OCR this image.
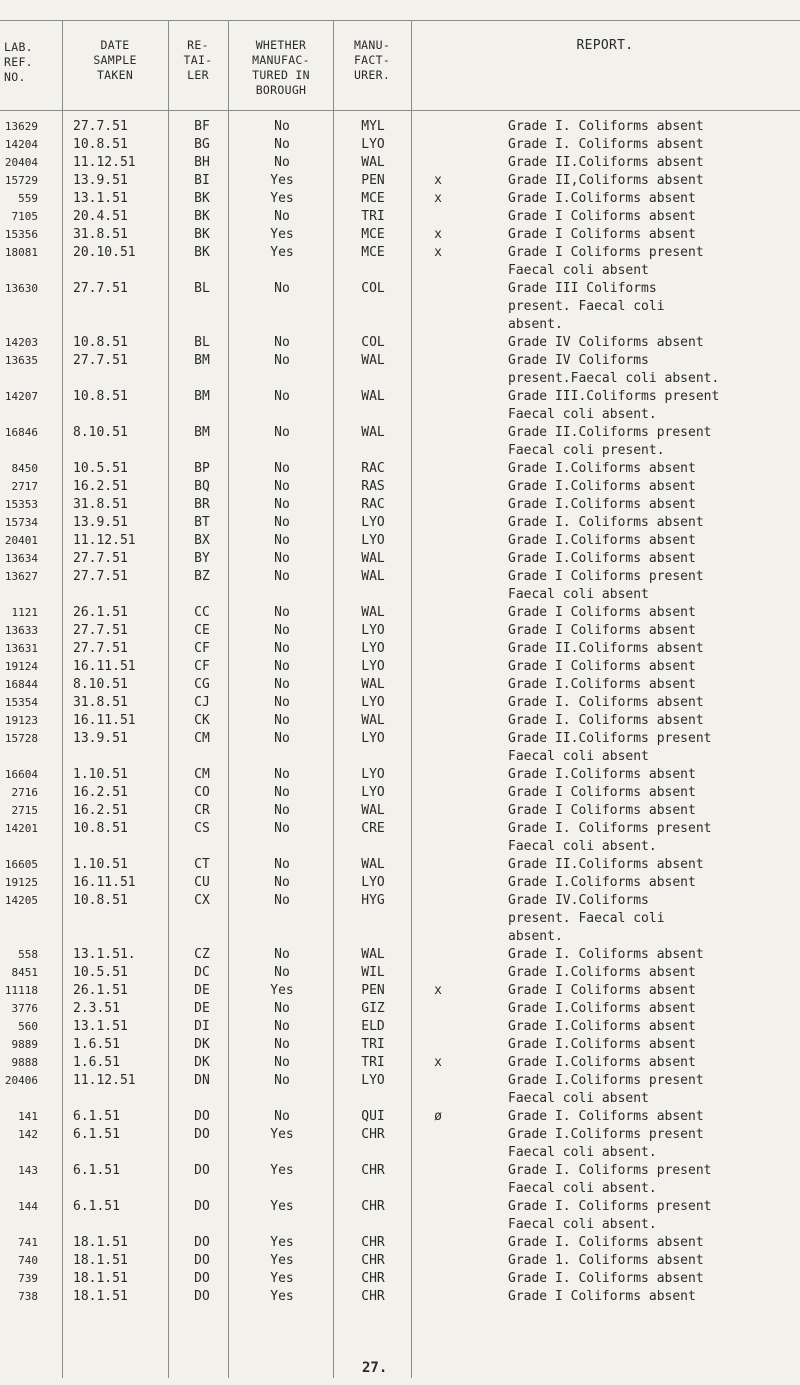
LAB.
REF.
NO.
DATE
SAMPLE
TAKEN
RE-
TAI-
LER
WHETHER
MANUFAC-
TURED IN
BOROUGH
MANU-
FACT-
URER.
REPORT.
13629	27.7.51	BF	No	MYL	Grade I. Coliforms absent
14204	10.8.51	BG	No	LYO	Grade I. Coliforms absent
20404	11.12.51	BH	No	WAL	Grade II.Coliforms absent
15729	13.9.51	BI	Yes	PEN	x	Grade II,Coliforms absent
559	13.1.51	BK	Yes	MCE	x	Grade I.Coliforms absent
7105	20.4.51	BK	No	TRI	Grade I Coliforms absent
15356	31.8.51	BK	Yes	MCE	x	Grade I Coliforms absent
18081	20.10.51	BK	Yes	MCE	x	Grade I Coliforms present
Faecal coli absent
13630	27.7.51	BL	No	COL	Grade III Coliforms
present. Faecal coli
absent.
14203	10.8.51	BL	No	COL	Grade IV Coliforms absent
13635	27.7.51	BM	No	WAL	Grade IV Coliforms
present.Faecal coli absent.
14207	10.8.51	BM	No	WAL	Grade III.Coliforms present
Faecal coli absent.
16846	8.10.51	BM	No	WAL	Grade II.Coliforms present
Faecal coli present.
8450	10.5.51	BP	No	RAC	Grade I.Coliforms absent
2717	16.2.51	BQ	No	RAS	Grade I.Coliforms absent
15353	31.8.51	BR	No	RAC	Grade I.Coliforms absent
15734	13.9.51	BT	No	LYO	Grade I. Coliforms absent
20401	11.12.51	BX	No	LYO	Grade I.Coliforms absent
13634	27.7.51	BY	No	WAL	Grade I.Coliforms absent
13627	27.7.51	BZ	No	WAL	Grade I Coliforms present
Faecal coli absent
1121	26.1.51	CC	No	WAL	Grade I Coliforms absent
13633	27.7.51	CE	No	LYO	Grade I Coliforms absent
13631	27.7.51	CF	No	LYO	Grade II.Coliforms absent
19124	16.11.51	CF	No	LYO	Grade I Coliforms absent
16844	8.10.51	CG	No	WAL	Grade I.Coliforms absent
15354	31.8.51	CJ	No	LYO	Grade I. Coliforms absent
19123	16.11.51	CK	No	WAL	Grade I. Coliforms absent
15728	13.9.51	CM	No	LYO	Grade II.Coliforms present
Faecal coli absent
16604	1.10.51	CM	No	LYO	Grade I.Coliforms absent
2716	16.2.51	CO	No	LYO	Grade I Coliforms absent
2715	16.2.51	CR	No	WAL	Grade I Coliforms absent
14201	10.8.51	CS	No	CRE	Grade I. Coliforms present
Faecal coli absent.
16605	1.10.51	CT	No	WAL	Grade II.Coliforms absent
19125	16.11.51	CU	No	LYO	Grade I.Coliforms absent
14205	10.8.51	CX	No	HYG	Grade IV.Coliforms
present. Faecal coli
absent.
558	13.1.51.	CZ	No	WAL	Grade I. Coliforms absent
8451	10.5.51	DC	No	WIL	Grade I.Coliforms absent
11118	26.1.51	DE	Yes	PEN	x	Grade I Coliforms absent
3776	2.3.51	DE	No	GIZ	Grade I.Coliforms absent
560	13.1.51	DI	No	ELD	Grade I.Coliforms absent
9889	1.6.51	DK	No	TRI	Grade I.Coliforms absent
9888	1.6.51	DK	No	TRI	x	Grade I.Coliforms absent
20406	11.12.51	DN	No	LYO	Grade I.Coliforms present
Faecal coli absent
141	6.1.51	DO	No	QUI	ø	Grade I. Coliforms absent
142	6.1.51	DO	Yes	CHR	Grade I.Coliforms present
Faecal coli absent.
143	6.1.51	DO	Yes	CHR	Grade I. Coliforms present
Faecal coli absent.
144	6.1.51	DO	Yes	CHR	Grade I. Coliforms present
Faecal coli absent.
741	18.1.51	DO	Yes	CHR	Grade I. Coliforms absent
740	18.1.51	DO	Yes	CHR	Grade 1. Coliforms absent
739	18.1.51	DO	Yes	CHR	Grade I. Coliforms absent
738	18.1.51	DO	Yes	CHR	Grade I Coliforms absent
27.
